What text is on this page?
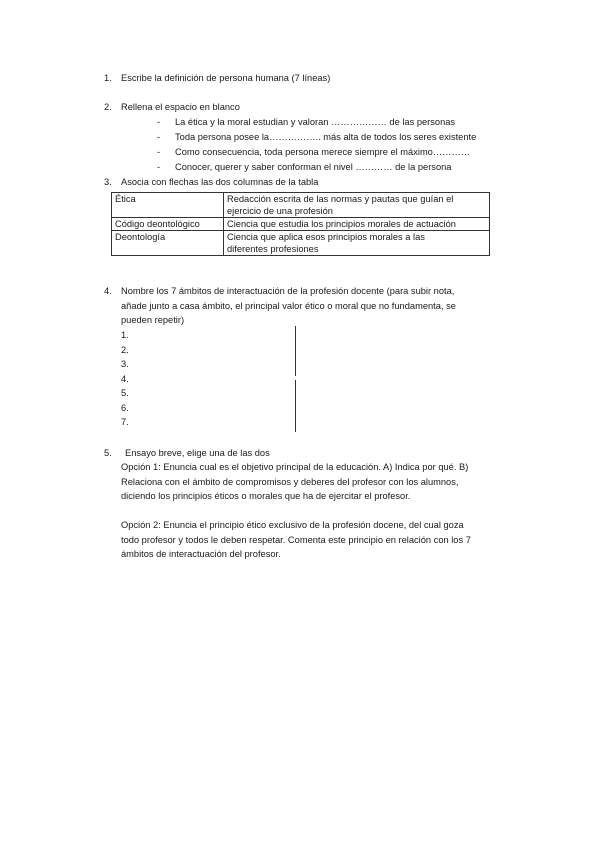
1. Escribe la definición de persona humana (7 líneas)
2. Rellena el espacio en blanco
- La ética y la moral estudian y valoran ……………… de las personas
- Toda persona posee la…………….. más alta de todos los seres existente
- Como consecuencia, toda persona merece siempre el máximo…………
- Conocer, querer y saber conforman el nivel ………… de la persona
3. Asocia con flechas las dos columnas de la tabla
Ética	Redacción escrita de las normas y pautas que guían el
ejercicio de una profesión

Código deontológico	Ciencia que estudia los principios morales de actuación

Deontología	Ciencia que aplica esos principios morales a las
diferentes profesiones
4. Nombre los 7 ámbitos de interactuación de la profesión docente (para subir nota,
añade junto a casa ámbito, el principal valor ético o moral que no fundamenta, se
pueden repetir)
1.
2.
3.
4.
5.
6.
7.
5. Ensayo breve, elige una de las dos
Opción 1: Enuncia cual es el objetivo principal de la educación. A) Indica por qué. B)
Relaciona con el ámbito de compromisos y deberes del profesor con los alumnos,
diciendo los principios éticos o morales que ha de ejercitar el profesor.
Opción 2: Enuncia el principio ético exclusivo de la profesión docene, del cual goza
todo profesor y todos le deben respetar. Comenta este principio en relación con los 7
ámbitos de interactuación del profesor.
